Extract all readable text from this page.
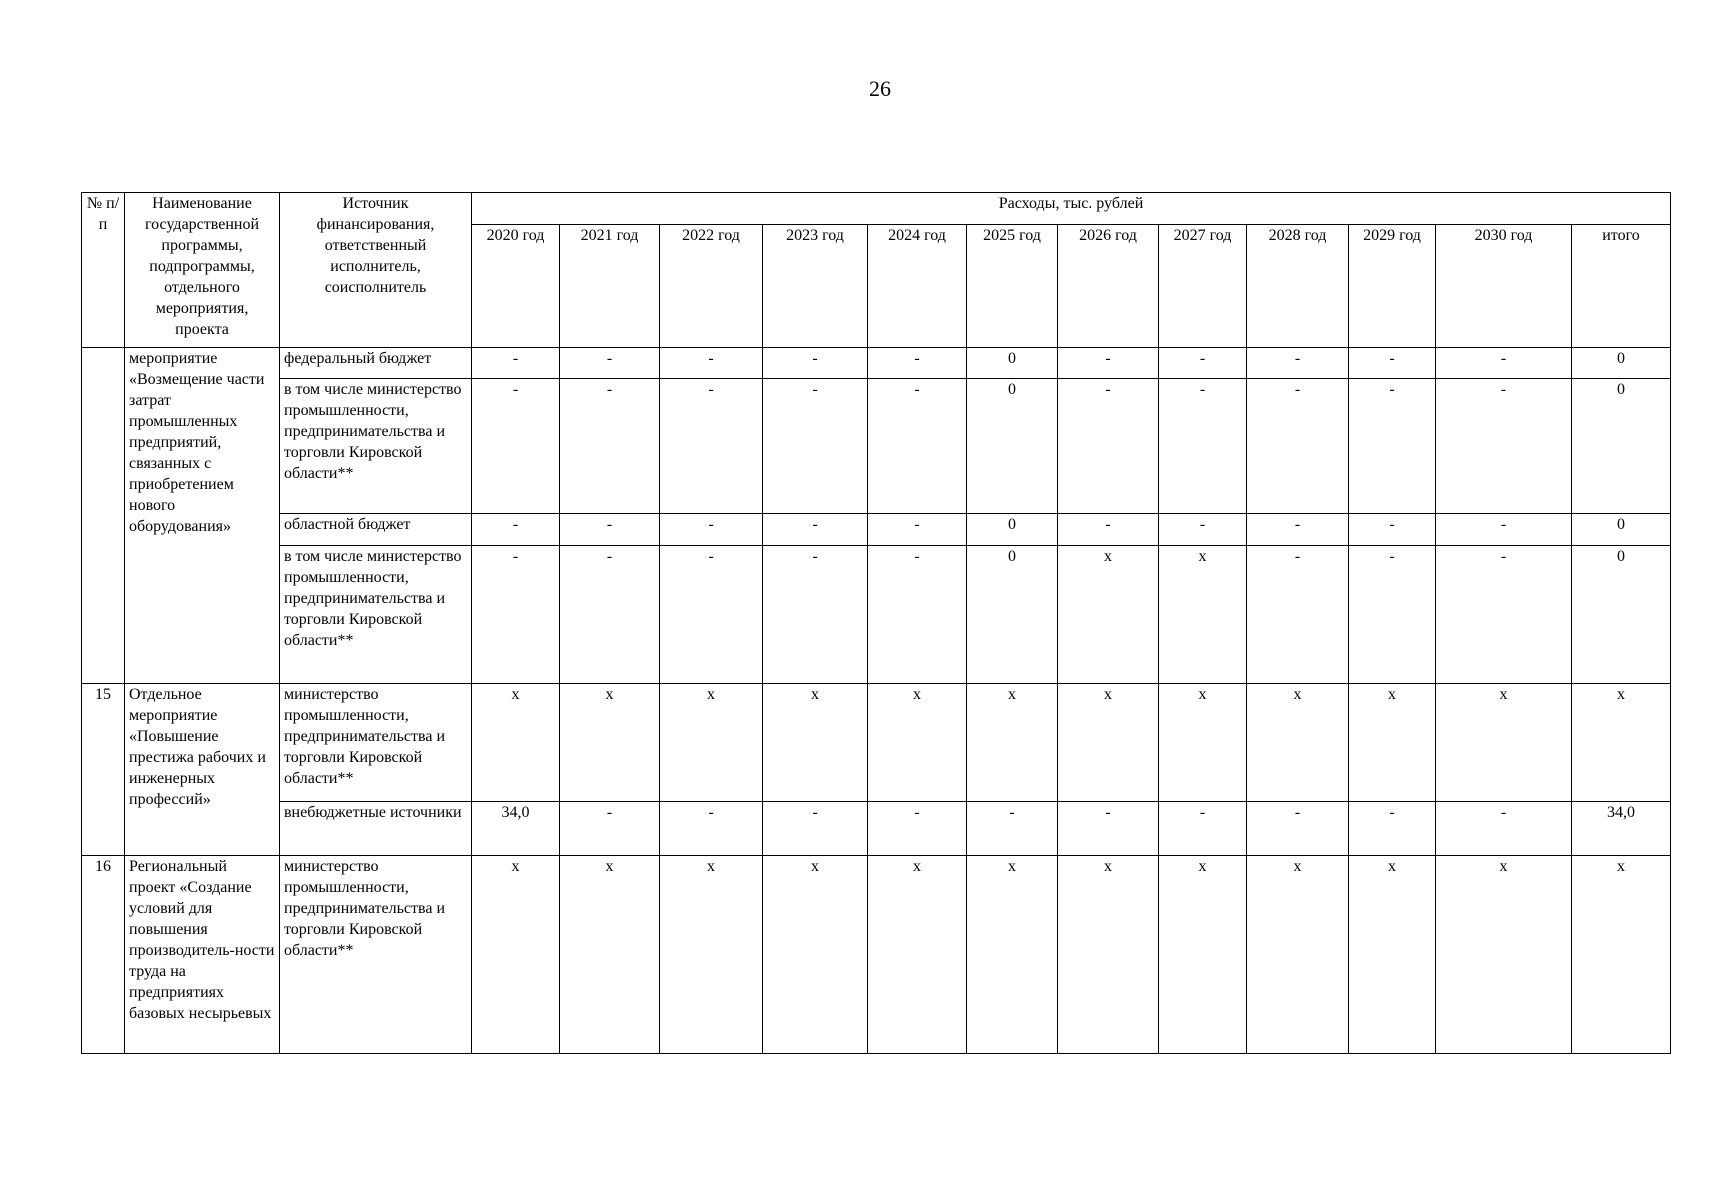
26
№ п/п	Наименование государственной программы, подпрограммы, отдельного мероприятия, проекта	Источник финансирования, ответственный исполнитель, соисполнитель	Расходы, тыс. рублей											
			2020 год	2021 год	2022 год	2023 год	2024 год	2025 год	2026 год	2027 год	2028 год	2029 год	2030 год	итого
	мероприятие «Возмещение части затрат промышленных предприятий, связанных с приобретением нового оборудования»	федеральный бюджет	-	-	-	-	-	0	-	-	-	-	-	0
		в том числе министерство промышленности, предпринимательства и торговли Кировской области**	-	-	-	-	-	0	-	-	-	-	-	0
		областной бюджет	-	-	-	-	-	0	-	-	-	-	-	0
		в том числе министерство промышленности, предпринимательства и торговли Кировской области**	-	-	-	-	-	0	x	x	-	-	-	0
15	Отдельное мероприятие «Повышение престижа рабочих и инженерных профессий»	министерство промышленности, предпринимательства и торговли Кировской области**	x	x	x	x	x	x	x	x	x	x	x	x
		внебюджетные источники	34,0	-	-	-	-	-	-	-	-	-	-	34,0
16	Региональный проект «Создание условий для повышения производитель-ности труда на предприятиях базовых несырьевых	министерство промышленности, предпринимательства и торговли Кировской области**	x	x	x	x	x	x	x	x	x	x	x	x
